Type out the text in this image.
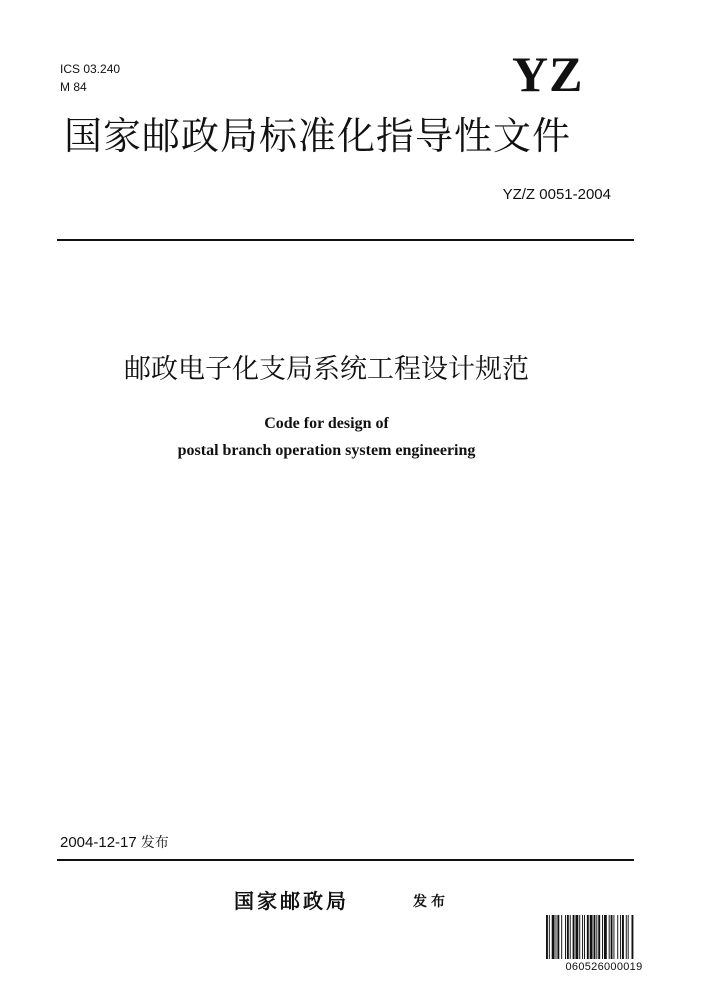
ICS 03.240
M 84	YZ
国家邮政局标准化指导性文件
YZ/Z 0051-2004
邮政电子化支局系统工程设计规范
Code for design of
postal branch operation system engineering
2004-12-17 发布
国家邮政局	发布
060526000019
